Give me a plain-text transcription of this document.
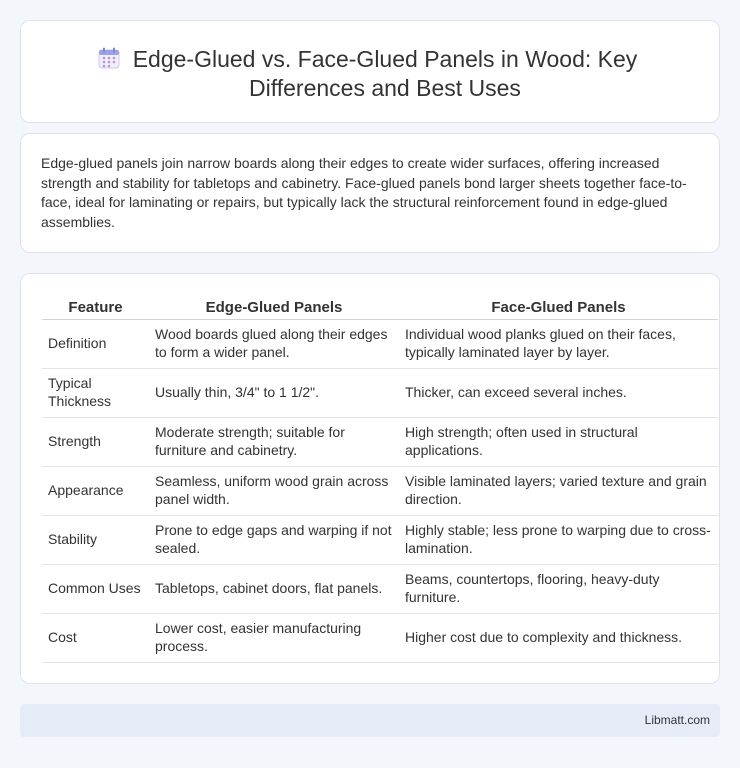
Edge-Glued vs. Face-Glued Panels in Wood: Key Differences and Best Uses

Edge-glued panels join narrow boards along their edges to create wider surfaces, offering increased strength and stability for tabletops and cabinetry. Face-glued panels bond larger sheets together face-to-face, ideal for laminating or repairs, but typically lack the structural reinforcement found in edge-glued assemblies.

Feature	Edge-Glued Panels	Face-Glued Panels
Definition	Wood boards glued along their edges to form a wider panel.	Individual wood planks glued on their faces, typically laminated layer by layer.
Typical Thickness	Usually thin, 3/4" to 1 1/2".	Thicker, can exceed several inches.
Strength	Moderate strength; suitable for furniture and cabinetry.	High strength; often used in structural applications.
Appearance	Seamless, uniform wood grain across panel width.	Visible laminated layers; varied texture and grain direction.
Stability	Prone to edge gaps and warping if not sealed.	Highly stable; less prone to warping due to cross-lamination.
Common Uses	Tabletops, cabinet doors, flat panels.	Beams, countertops, flooring, heavy-duty furniture.
Cost	Lower cost, easier manufacturing process.	Higher cost due to complexity and thickness.
Libmatt.com
